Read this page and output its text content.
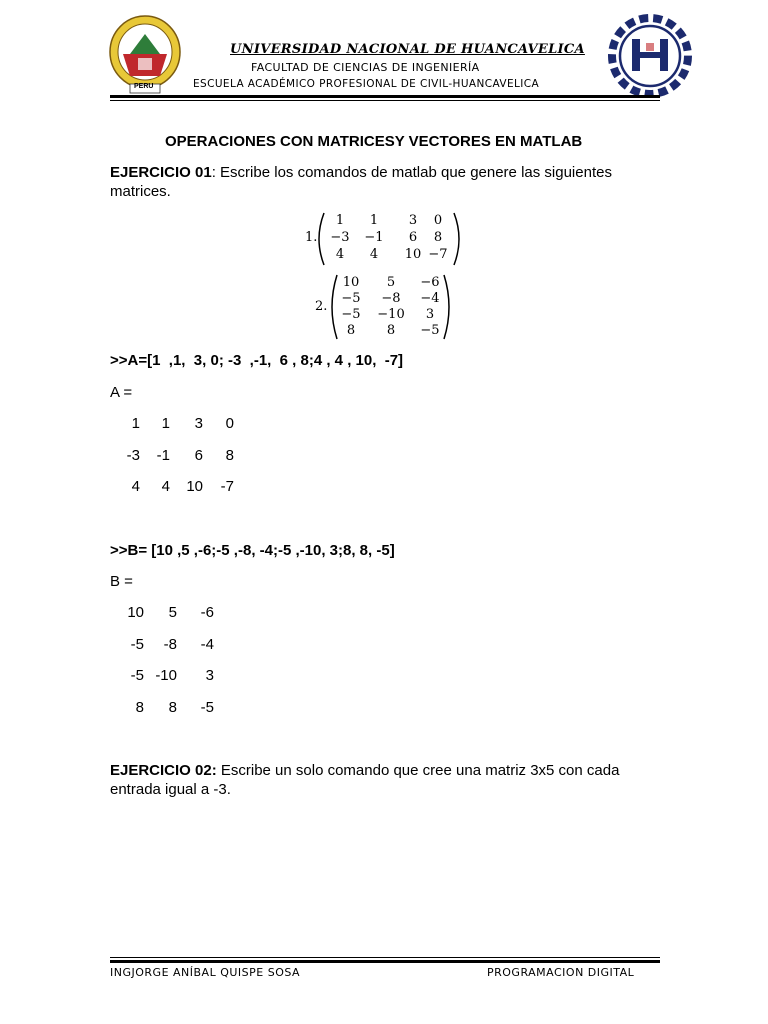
PERU
UNIVERSIDAD NACIONAL DE HUANCAVELICA
FACULTAD DE CIENCIAS DE INGENIERÍA
ESCUELA ACADÉMICO PROFESIONAL DE CIVIL-HUANCAVELICA
OPERACIONES CON MATRICESY VECTORES EN MATLAB
EJERCICIO 01: Escribe los comandos de matlab que genere las siguientes
matrices.
1.
1	1	3	0
−3	−1	6	8
4	4	10 −7
2.
10	5	−6
−5	−8	−4
−5	−10	3
8	8	−5
>>A=[1  ,1,  3, 0; -3  ,-1,  6 , 8;4 , 4 , 10,  -7]
A =
1	1	3	0
-3	-1	6	8
4	4	10	-7
>>B= [10 ,5 ,-6;-5 ,-8, -4;-5 ,-10, 3;8, 8, -5]
B =
10	5	-6
-5	-8	-4
-5 -10	3
8	8	-5
EJERCICIO 02: Escribe un solo comando que cree una matriz 3x5 con cada
entrada igual a -3.
INGJORGE ANÍBAL QUISPE SOSA	PROGRAMACION DIGITAL
